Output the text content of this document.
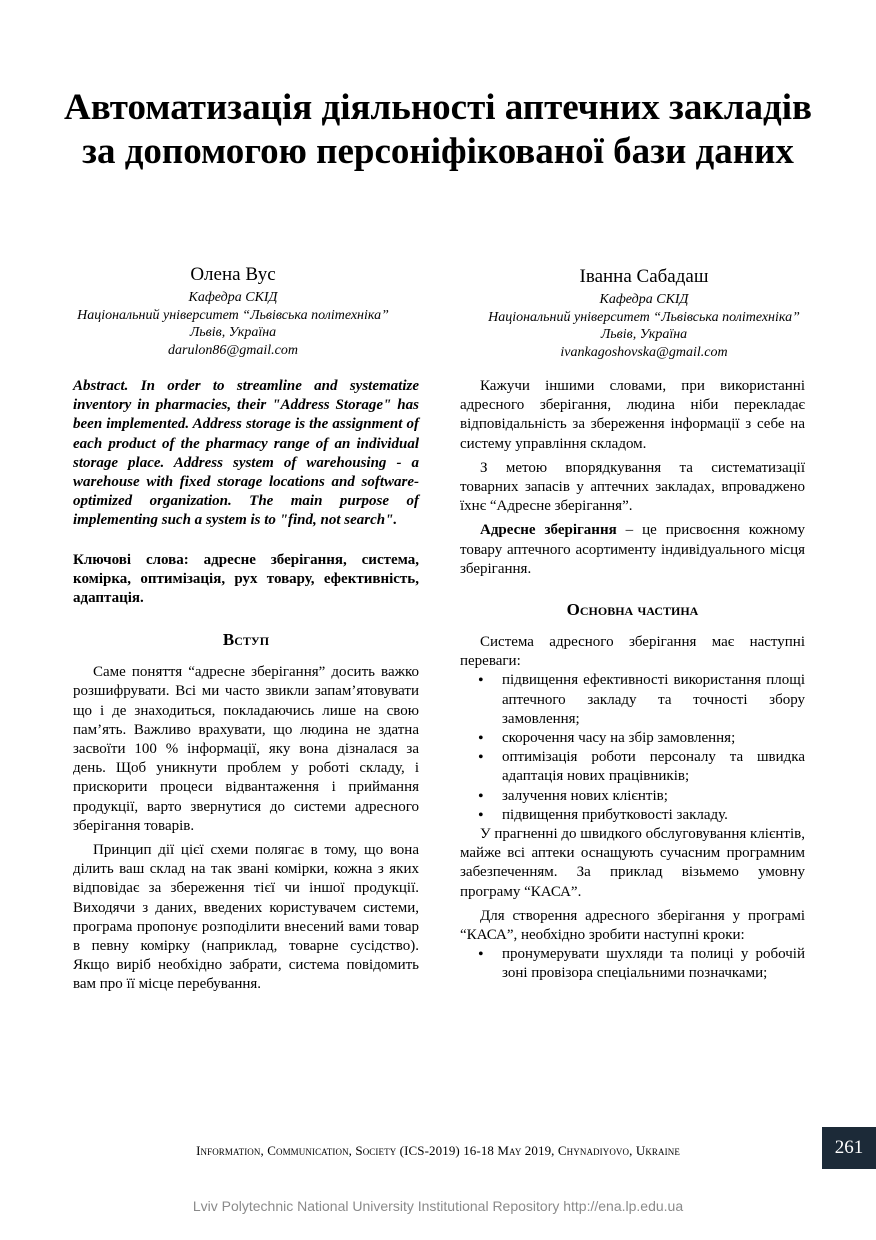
Автоматизація діяльності аптечних закладів за допомогою персоніфікованої бази даних
Олена Вус
Кафедра СКІД
Національний університет “Львівська політехніка”
Львів, Україна
darulon86@gmail.com
Іванна Сабадаш
Кафедра СКІД
Національний університет “Львівська політехніка”
Львів, Україна
ivankagoshovska@gmail.com

Abstract. In order to streamline and systematize inventory in pharmacies, their "Address Storage" has been implemented. Address storage is the assignment of each product of the pharmacy range of an individual storage place. Address system of warehousing - a warehouse with fixed storage locations and software-optimized organization. The main purpose of implementing such a system is to "find, not search".

Ключові слова: адресне зберігання, система, комірка, оптимізація, рух товару, ефективність, адаптація.

Вступ

Саме поняття “адресне зберігання” досить важко розшифрувати. Всі ми часто звикли запам’ятовувати що і де знаходиться, покладаючись лише на свою пам’ять. Важливо врахувати, що людина не здатна засвоїти 100 % інформації, яку вона дізналася за день. Щоб уникнути проблем у роботі складу, і прискорити процеси відвантаження і приймання продукції, варто звернутися до системи адресного зберігання товарів.

Принцип дії цієї схеми полягає в тому, що вона ділить ваш склад на так звані комірки, кожна з яких відповідає за збереження тієї чи іншої продукції. Виходячи з даних, введених користувачем системи, програма пропонує розподілити внесений вами товар в певну комірку (наприклад, товарне сусідство). Якщо виріб необхідно забрати, система повідомить вам про її місце перебування.

Кажучи іншими словами, при використанні адресного зберігання, людина ніби перекладає відповідальність за збереження інформації з себе на систему управління складом.

З метою впорядкування та систематизації товарних запасів у аптечних закладах, впроваджено їхнє “Адресне зберігання”.

Адресне зберігання – це присвоєння кожному товару аптечного асортименту індивідуального місця зберігання.

Основна частина

Система адресного зберігання має наступні переваги:

• підвищення ефективності використання площі аптечного закладу та точності збору замовлення;
• скорочення часу на збір замовлення;
• оптимізація роботи персоналу та швидка адаптація нових працівників;
• залучення нових клієнтів;
• підвищення прибутковості закладу.

У прагненні до швидкого обслуговування клієнтів, майже всі аптеки оснащують сучасним програмним забезпеченням. За приклад візьмемо умовну програму “КАСА”.

Для створення адресного зберігання у програмі “КАСА”, необхідно зробити наступні кроки:

• пронумерувати шухляди та полиці у робочій зоні провізора спеціальними позначками;
Information, Communication, Society (ICS-2019) 16-18 May 2019, Chynadiyovo, Ukraine	261
Lviv Polytechnic National University Institutional Repository http://ena.lp.edu.ua
